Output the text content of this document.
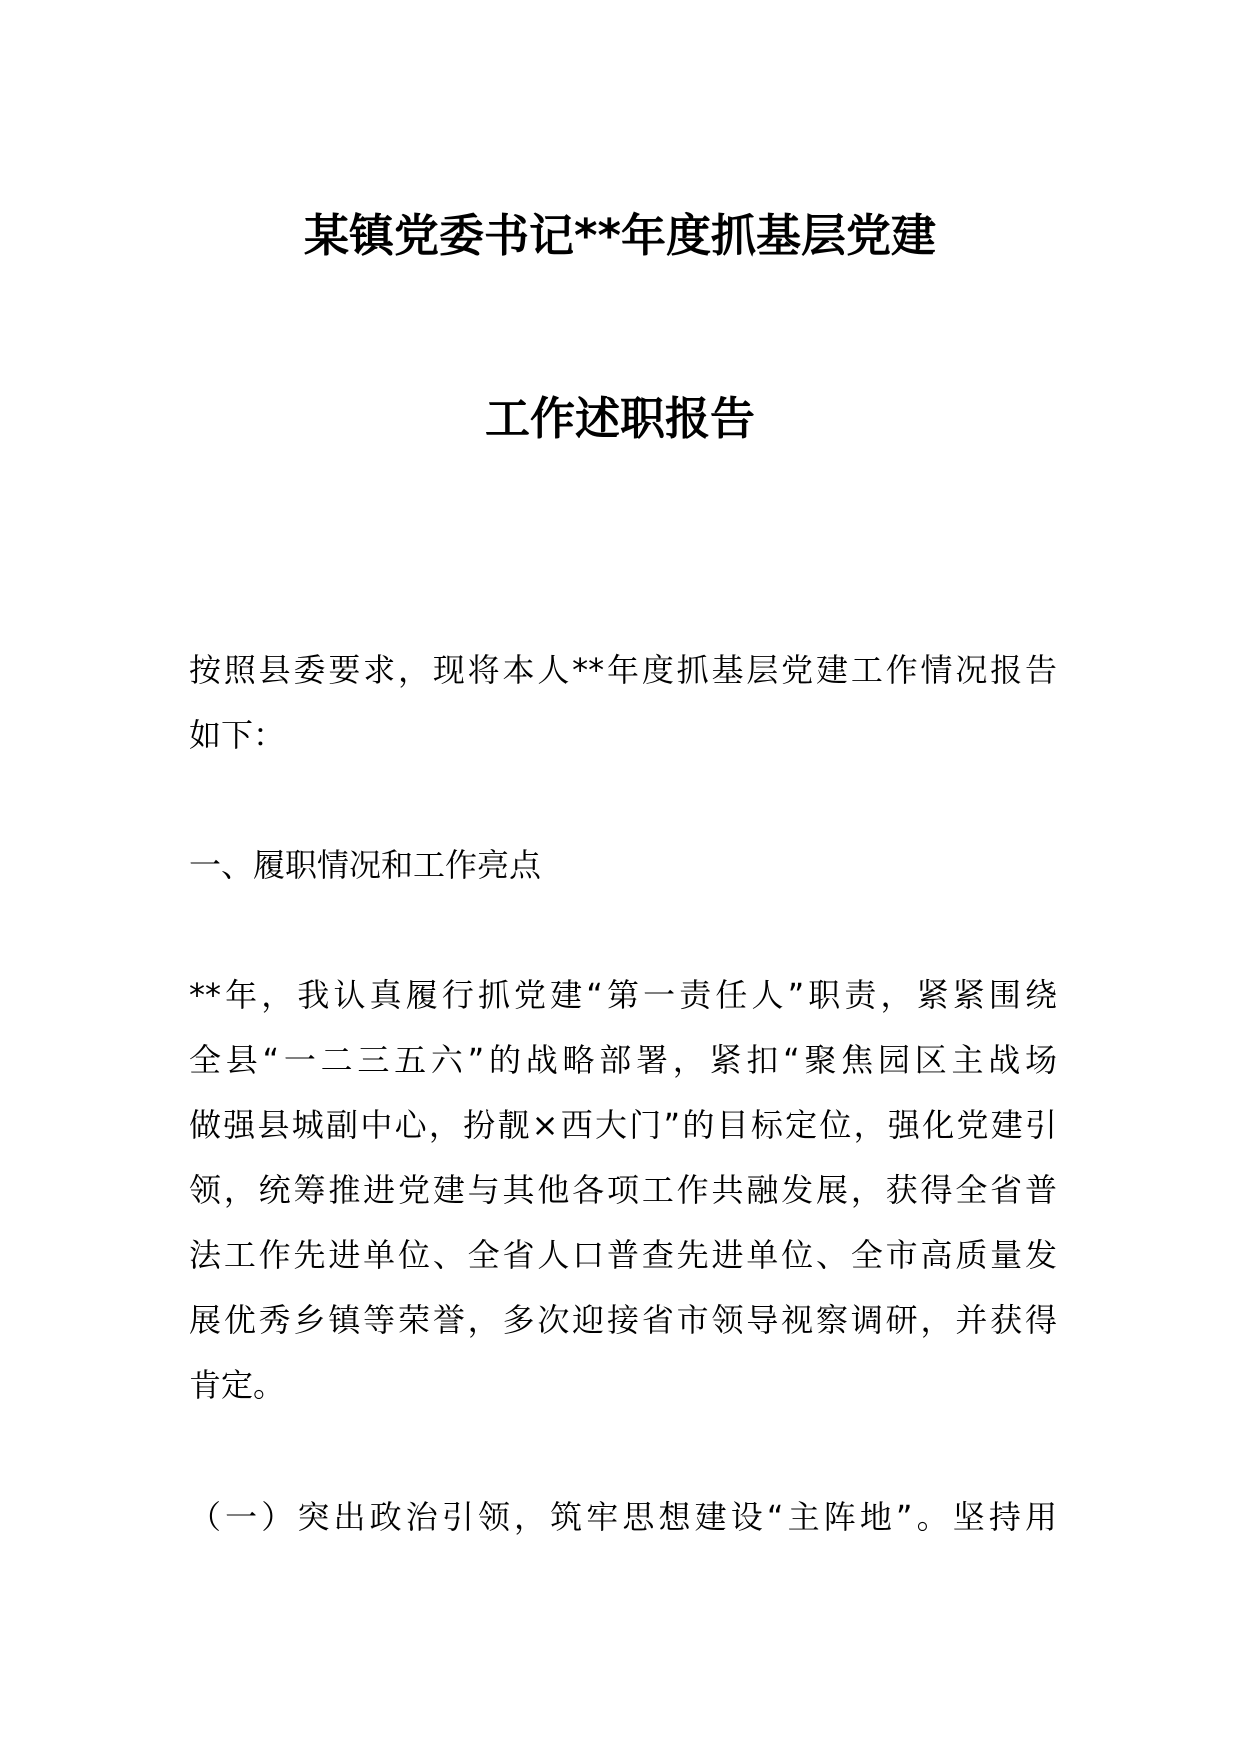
某镇党委书记**年度抓基层党建
工作述职报告
按照县委要求，现将本人**年度抓基层党建工作情况报告
如下：
一、履职情况和工作亮点
**年，我认真履行抓党建“第一责任人”职责，紧紧围绕
全县“一二三五六”的战略部署，紧扣“聚焦园区主战场
做强县城副中心，扮靓×西大门”的目标定位，强化党建引
领，统筹推进党建与其他各项工作共融发展，获得全省普
法工作先进单位、全省人口普查先进单位、全市高质量发
展优秀乡镇等荣誉，多次迎接省市领导视察调研，并获得
肯定。
（一）突出政治引领，筑牢思想建设“主阵地”。坚持用
